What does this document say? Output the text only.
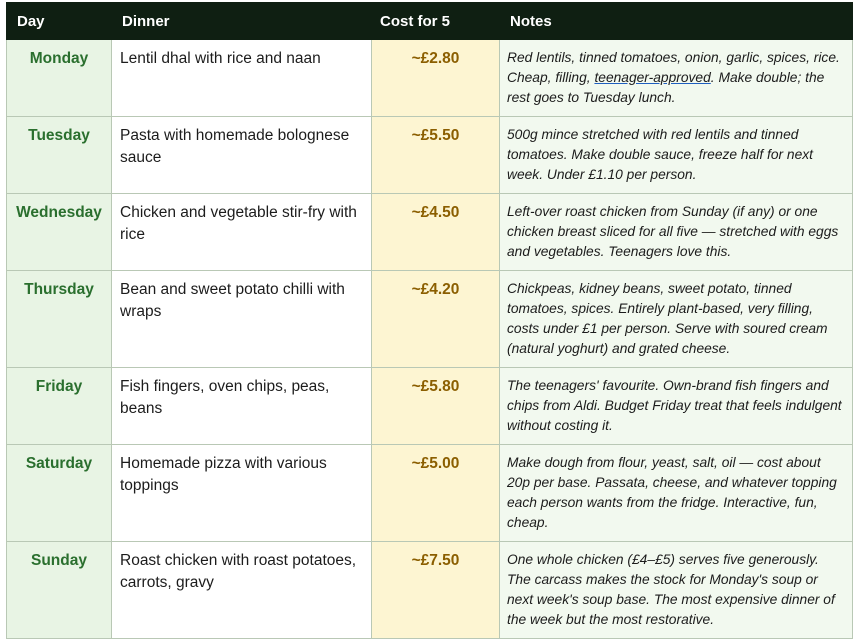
Day	Dinner	Cost for 5	Notes
Monday	Lentil dhal with rice and naan	~£2.80	Red lentils, tinned tomatoes, onion, garlic, spices, rice. Cheap, filling, teenager-approved. Make double; the rest goes to Tuesday lunch.
Tuesday	Pasta with homemade bolognese sauce	~£5.50	500g mince stretched with red lentils and tinned tomatoes. Make double sauce, freeze half for next week. Under £1.10 per person.
Wednesday	Chicken and vegetable stir-fry with rice	~£4.50	Left-over roast chicken from Sunday (if any) or one chicken breast sliced for all five — stretched with eggs and vegetables. Teenagers love this.
Thursday	Bean and sweet potato chilli with wraps	~£4.20	Chickpeas, kidney beans, sweet potato, tinned tomatoes, spices. Entirely plant-based, very filling, costs under £1 per person. Serve with soured cream (natural yoghurt) and grated cheese.
Friday	Fish fingers, oven chips, peas, beans	~£5.80	The teenagers' favourite. Own-brand fish fingers and chips from Aldi. Budget Friday treat that feels indulgent without costing it.
Saturday	Homemade pizza with various toppings	~£5.00	Make dough from flour, yeast, salt, oil — cost about 20p per base. Passata, cheese, and whatever topping each person wants from the fridge. Interactive, fun, cheap.
Sunday	Roast chicken with roast potatoes, carrots, gravy	~£7.50	One whole chicken (£4–£5) serves five generously. The carcass makes the stock for Monday's soup or next week's soup base. The most expensive dinner of the week but the most restorative.
